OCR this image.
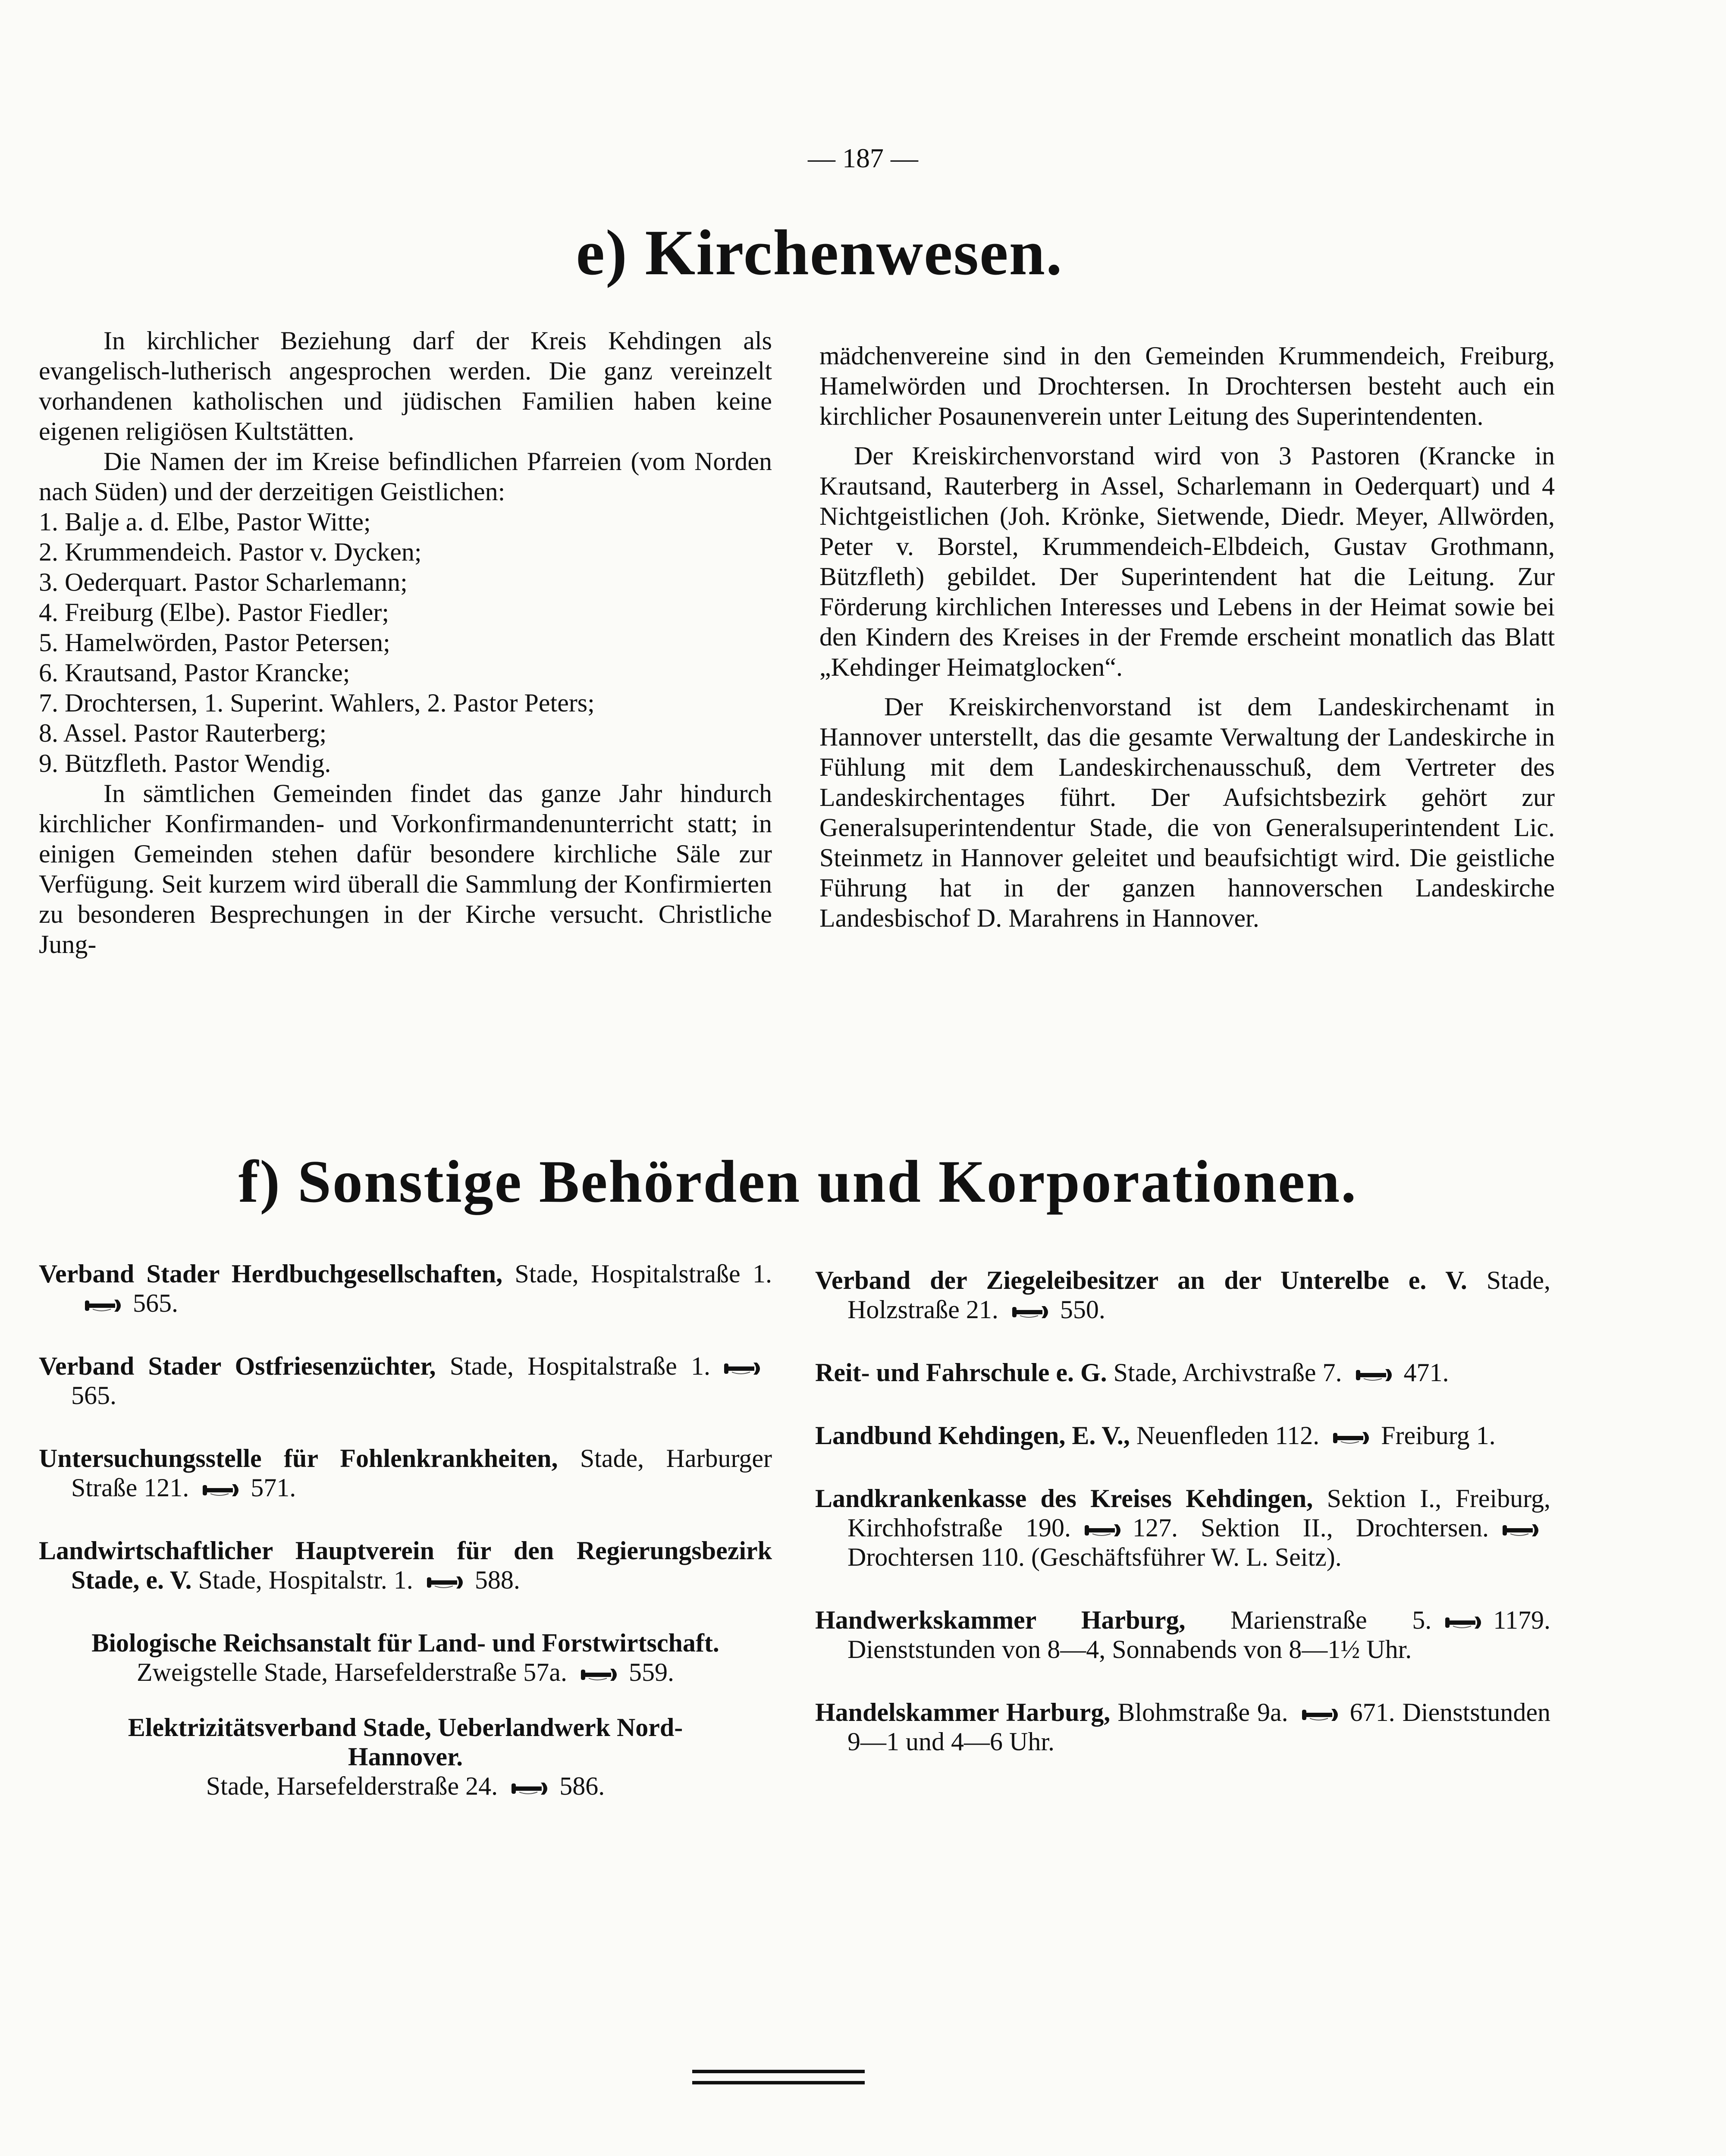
— 187 —
e) Kirchenwesen.

In kirchlicher Beziehung darf der Kreis Kehdingen als evangelisch-lutherisch angesprochen werden. Die ganz vereinzelt vorhandenen katholischen und jüdischen Familien haben keine eigenen religiösen Kultstätten.

Die Namen der im Kreise befindlichen Pfarreien (vom Norden nach Süden) und der derzeitigen Geistlichen:

1. Balje a. d. Elbe, Pastor Witte;
2. Krummendeich. Pastor v. Dycken;
3. Oederquart. Pastor Scharlemann;
4. Freiburg (Elbe). Pastor Fiedler;
5. Hamelwörden, Pastor Petersen;
6. Krautsand, Pastor Krancke;
7. Drochtersen, 1. Superint. Wahlers, 2. Pastor Peters;
8. Assel. Pastor Rauterberg;
9. Bützfleth. Pastor Wendig.

In sämtlichen Gemeinden findet das ganze Jahr hindurch kirchlicher Konfirmanden- und Vorkonfirmandenunterricht statt; in einigen Gemeinden stehen dafür besondere kirchliche Säle zur Verfügung. Seit kurzem wird überall die Sammlung der Konfirmierten zu besonderen Besprechungen in der Kirche versucht. Christliche Jung-

mädchenvereine sind in den Gemeinden Krummendeich, Freiburg, Hamelwörden und Drochtersen. In Drochtersen besteht auch ein kirchlicher Posaunenverein unter Leitung des Superintendenten.

Der Kreiskirchenvorstand wird von 3 Pastoren (Krancke in Krautsand, Rauterberg in Assel, Scharlemann in Oederquart) und 4 Nichtgeistlichen (Joh. Krönke, Sietwende, Diedr. Meyer, Allwörden, Peter v. Borstel, Krummendeich-Elbdeich, Gustav Grothmann, Bützfleth) gebildet. Der Superintendent hat die Leitung. Zur Förderung kirchlichen Interesses und Lebens in der Heimat sowie bei den Kindern des Kreises in der Fremde erscheint monatlich das Blatt „Kehdinger Heimatglocken“.

Der Kreiskirchenvorstand ist dem Landeskirchenamt in Hannover unterstellt, das die gesamte Verwaltung der Landeskirche in Fühlung mit dem Landeskirchenausschuß, dem Vertreter des Landeskirchentages führt. Der Aufsichtsbezirk gehört zur Generalsuperintendentur Stade, die von Generalsuperintendent Lic. Steinmetz in Hannover geleitet und beaufsichtigt wird. Die geistliche Führung hat in der ganzen hannoverschen Landeskirche Landesbischof D. Marahrens in Hannover.

f) Sonstige Behörden und Korporationen.
Verband Stader Herdbuchgesellschaften, Stade, Hospitalstraße 1.565.
Verband Stader Ostfriesenzüchter, Stade, Hospitalstraße 1.565.
Untersuchungsstelle für Fohlenkrankheiten, Stade, Harburger Straße 121. 571.
Landwirtschaftlicher Hauptverein für den Regierungsbezirk Stade, e. V. Stade, Hospitalstr. 1. 588.
Biologische Reichsanstalt für Land- und Forstwirtschaft.
Zweigstelle Stade, Harsefelderstraße 57a. 559.
Elektrizitätsverband Stade, Ueberlandwerk Nord-Hannover.
Stade, Harsefelderstraße 24. 586.
Verband der Ziegeleibesitzer an der Unterelbe e. V. Stade, Holzstraße 21. 550.
Reit- und Fahrschule e. G. Stade, Archivstraße 7. 471.
Landbund Kehdingen, E. V., Neuenfleden 112. Freiburg 1.
Landkrankenkasse des Kreises Kehdingen, Sektion I., Freiburg, Kirchhofstraße 190. 127. Sektion II., Drochtersen.Drochtersen 110. (Geschäftsführer W. L. Seitz).
Handwerkskammer Harburg, Marienstraße 5. 1179. Dienststunden von 8—4, Sonnabends von 8—1½ Uhr.
Handelskammer Harburg, Blohmstraße 9a. 671. Dienststunden 9—1 und 4—6 Uhr.
